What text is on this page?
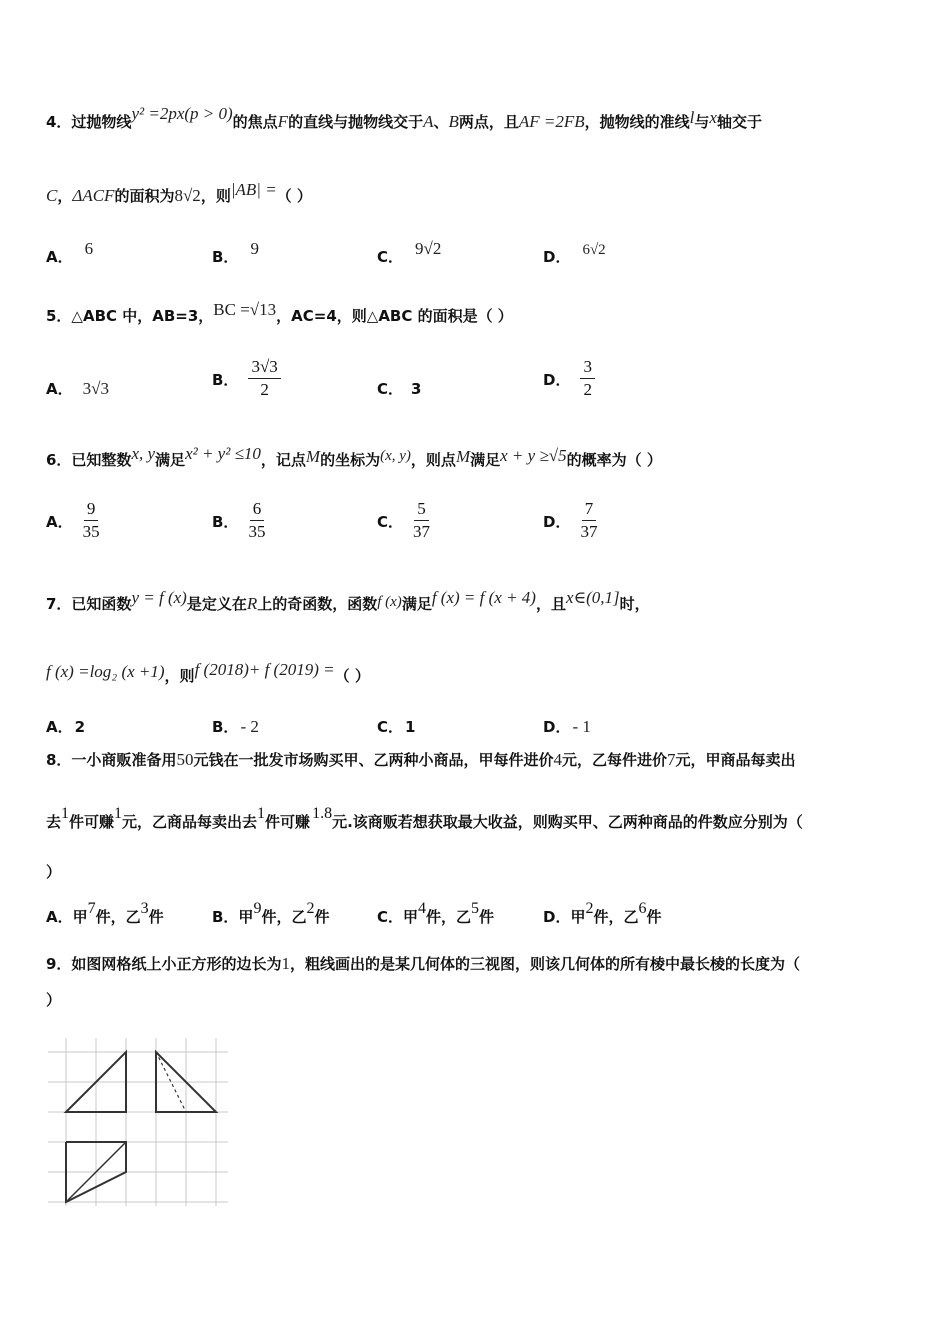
4．过抛物线y² =2px(p > 0)的焦点F的直线与抛物线交于A、B两点，且AF =2FB，抛物线的准线l与x轴交于
C，ΔACF的面积为8√2，则|AB| =（ ）
A． 6	B． 9	C． 9√2	D． 6√2
5．△ABC 中，AB=3，BC =√13，AC=4，则△ABC 的面积是（ ）
A． 3√3	B． $\frac{3√3}{2}$	C． 3	D． $\frac{3}{2}$
6．已知整数x, y满足x² + y² ≤10，记点M的坐标为(x, y)，则点M满足x + y ≥√5的概率为（ ）
A． $\frac{9}{35}$	B． $\frac{6}{35}$	C． $\frac{5}{37}$	D． $\frac{7}{37}$
7．已知函数y = f (x)是定义在R上的奇函数，函数f (x)满足f (x) = f (x + 4)，且x∈(0,1]时，
f (x) =log₂ (x +1)，则f (2018)+ f (2019) =（ ）
A． 2	B． - 2	C． 1	D． - 1
8．一小商贩准备用50元钱在一批发市场购买甲、乙两种小商品，甲每件进价4元，乙每件进价7元，甲商品每卖出
去1件可赚1元，乙商品每卖出去1件可赚 1.8元.该商贩若想获取最大收益，则购买甲、乙两种商品的件数应分别为（
）
A．甲7件，乙3件	B．甲9件，乙2件	C．甲4件，乙5件	D．甲2件，乙6件
9．如图网格纸上小正方形的边长为1，粗线画出的是某几何体的三视图，则该几何体的所有棱中最长棱的长度为（
）
